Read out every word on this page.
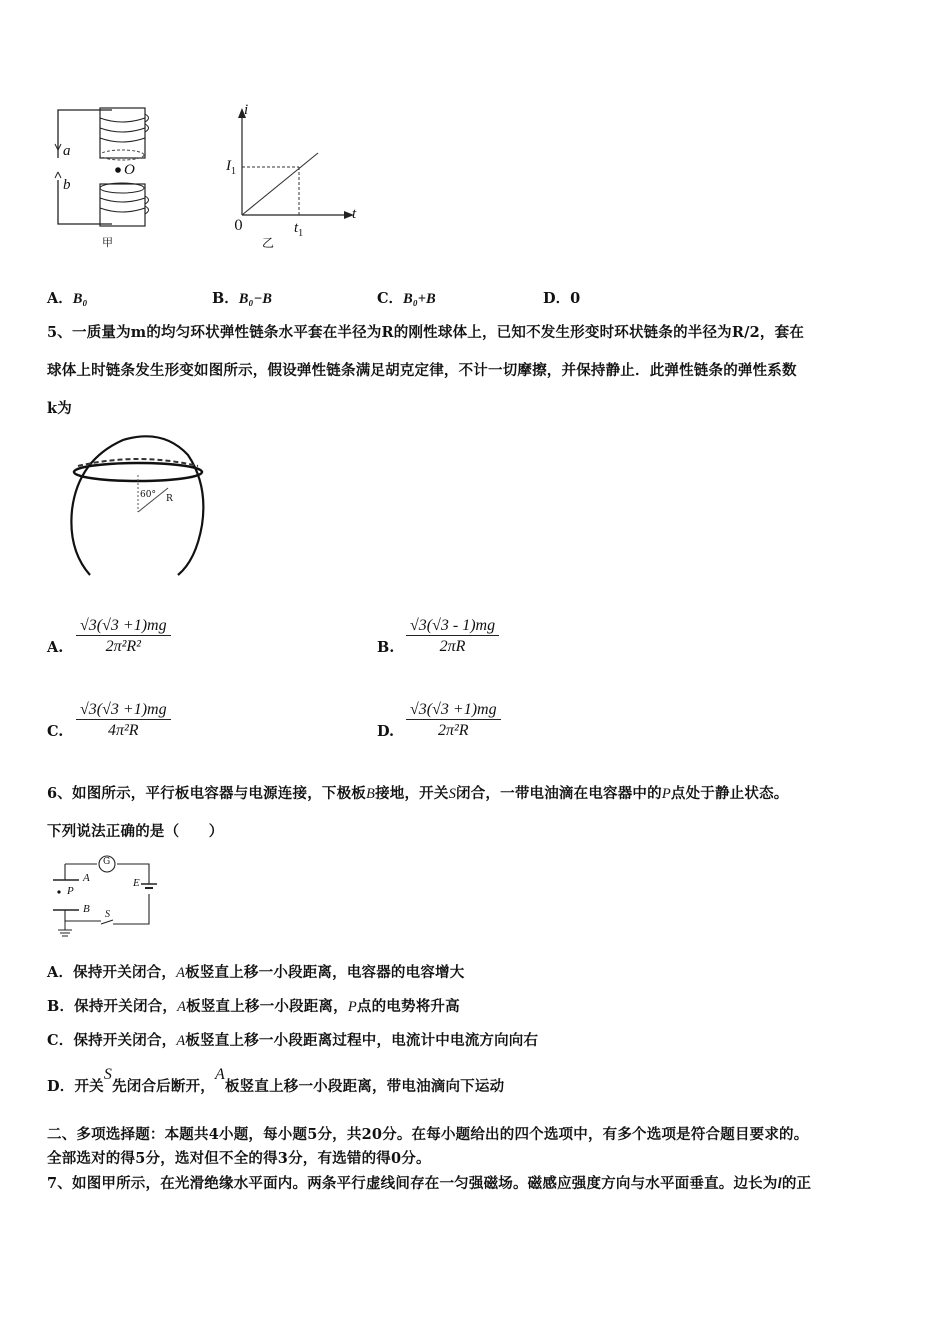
a
b
O
甲
i
t
0
$I_1$
$t_1$
乙
A．B₀	B．B₀−B	C．B₀+B	D．0
5、一质量为m的均匀环状弹性链条水平套在半径为R的刚性球体上，已知不发生形变时环状链条的半径为R/2，套在
球体上时链条发生形变如图所示，假设弹性链条满足胡克定律，不计一切摩擦，并保持静止．此弹性链条的弹性系数
k为
60° R
A. $\frac{√3(√3 +1)mg}{\text{2π²R²}}$	B. $\frac{√3(√3 - 1)mg}{2\pi R}$
C. $\frac{√3(√3 +1)mg}{\text{4π²R}}$	D. $\frac{√3(√3 +1)mg}{\text{2π²R}}$
6、如图所示，平行板电容器与电源连接，下极板B接地，开关S闭合，一带电油滴在电容器中的P点处于静止状态。
下列说法正确的是（　　）
G
A
P
B
E
S
A．保持开关闭合，A板竖直上移一小段距离，电容器的电容增大
B．保持开关闭合，A板竖直上移一小段距离，P点的电势将升高
C．保持开关闭合，A板竖直上移一小段距离过程中，电流计中电流方向向右
D．开关S先闭合后断开，A板竖直上移一小段距离，带电油滴向下运动
二、多项选择题：本题共4小题，每小题5分，共20分。在每小题给出的四个选项中，有多个选项是符合题目要求的。
全部选对的得5分，选对但不全的得3分，有选错的得0分。
7、如图甲所示，在光滑绝缘水平面内。两条平行虚线间存在一匀强磁场。磁感应强度方向与水平面垂直。边长为l的正
